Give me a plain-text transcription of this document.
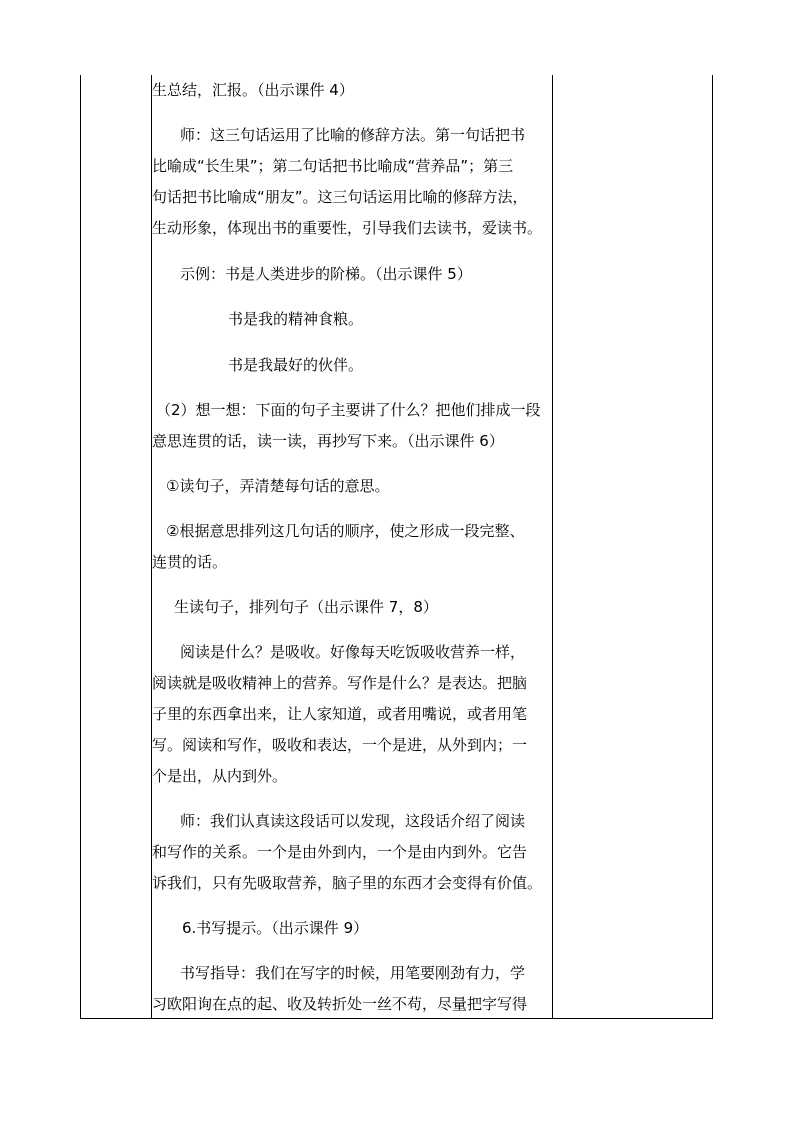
生总结，汇报。（出示课件 4）
师：这三句话运用了比喻的修辞方法。第一句话把书
比喻成“长生果”；第二句话把书比喻成“营养品”；第三
句话把书比喻成“朋友”。这三句话运用比喻的修辞方法，
生动形象，体现出书的重要性，引导我们去读书，爱读书。
示例：书是人类进步的阶梯。（出示课件 5）
书是我的精神食粮。
书是我最好的伙伴。
（2）想一想：下面的句子主要讲了什么？把他们排成一段
意思连贯的话，读一读，再抄写下来。（出示课件 6）
①读句子，弄清楚每句话的意思。
②根据意思排列这几句话的顺序，使之形成一段完整、
连贯的话。
生读句子，排列句子（出示课件 7，8）
阅读是什么？是吸收。好像每天吃饭吸收营养一样，
阅读就是吸收精神上的营养。写作是什么？是表达。把脑
子里的东西拿出来，让人家知道，或者用嘴说，或者用笔
写。阅读和写作，吸收和表达，一个是进，从外到内；一
个是出，从内到外。
师：我们认真读这段话可以发现，这段话介绍了阅读
和写作的关系。一个是由外到内，一个是由内到外。它告
诉我们，只有先吸取营养，脑子里的东西才会变得有价值。
6.书写提示。（出示课件 9）
书写指导：我们在写字的时候，用笔要刚劲有力，学
习欧阳询在点的起、收及转折处一丝不苟，尽量把字写得
